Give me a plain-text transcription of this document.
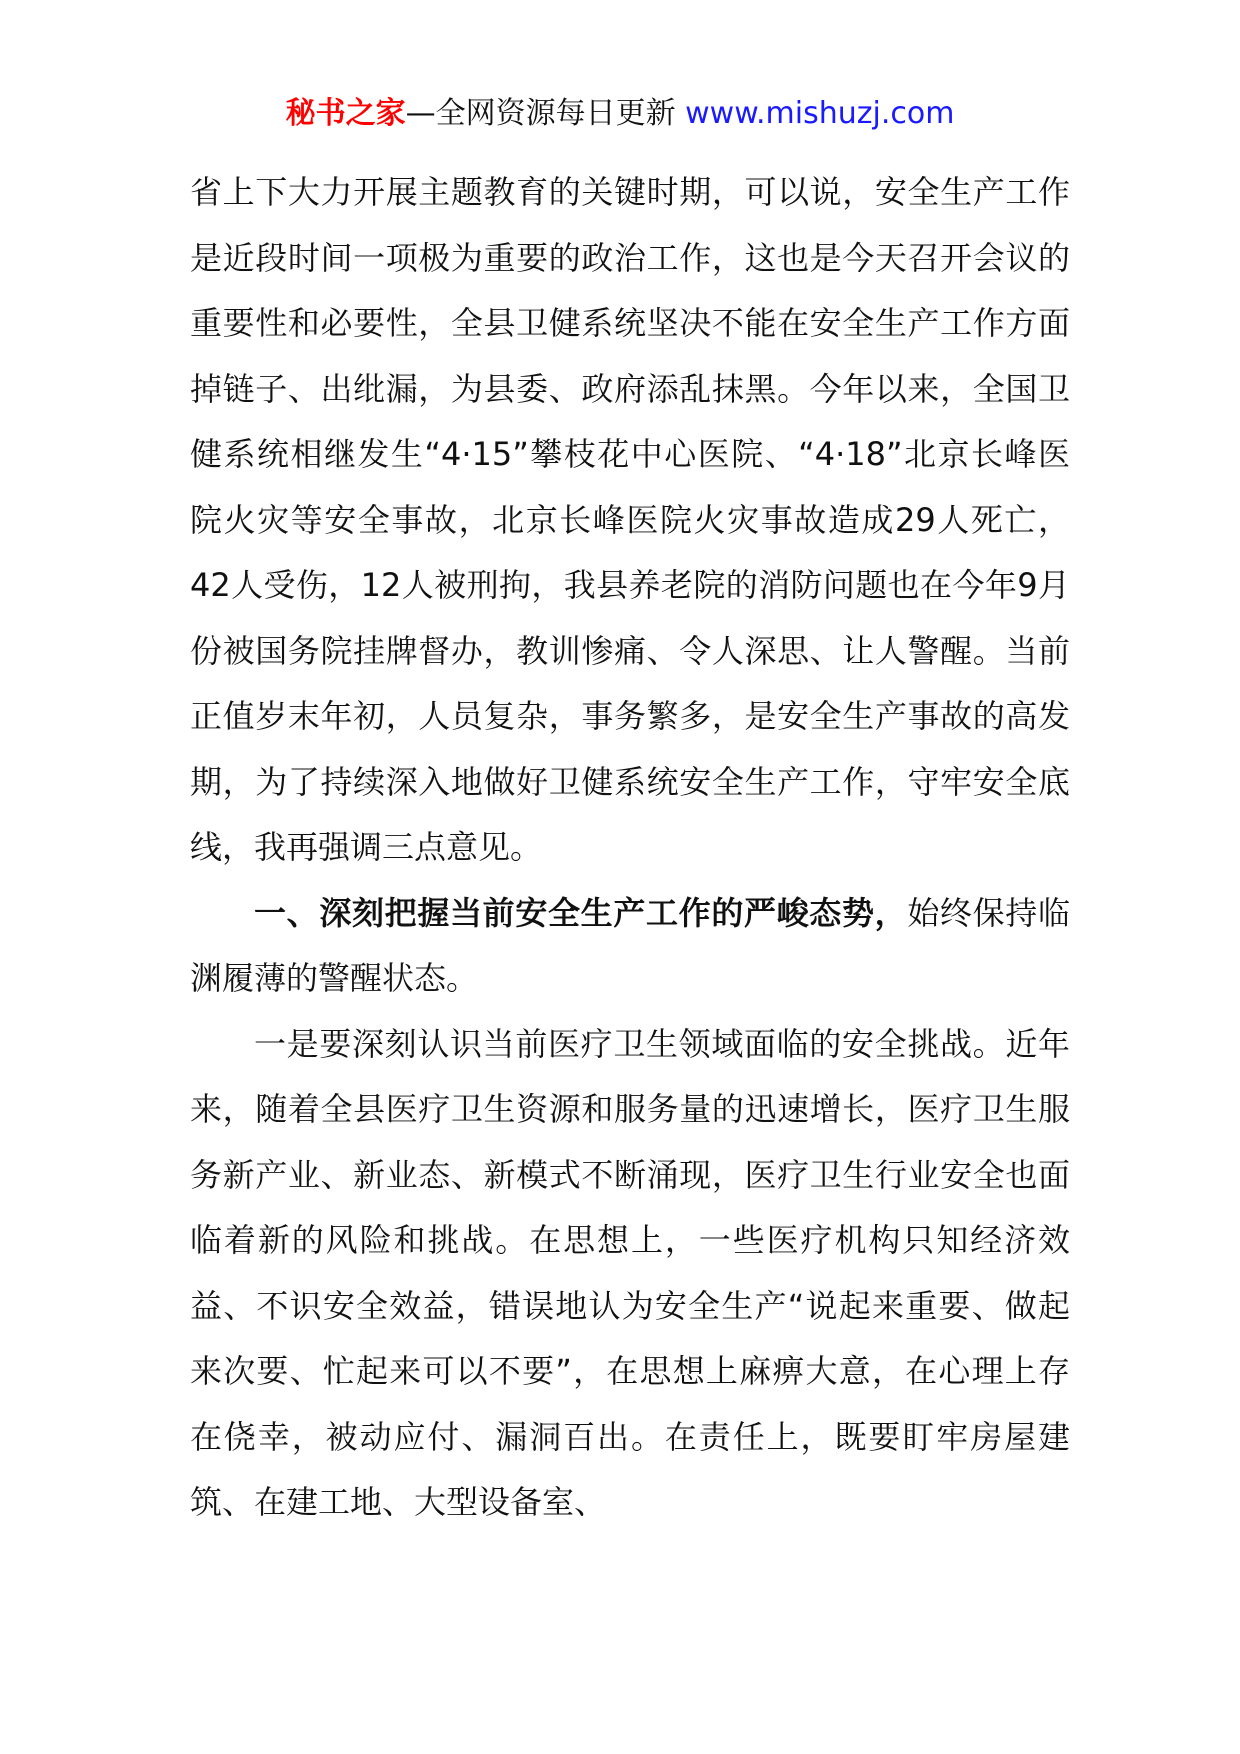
秘书之家—全网资源每日更新 www.mishuzj.com

省上下大力开展主题教育的关键时期，可以说，安全生产工作是近段时间一项极为重要的政治工作，这也是今天召开会议的重要性和必要性，全县卫健系统坚决不能在安全生产工作方面掉链子、出纰漏，为县委、政府添乱抹黑。今年以来，全国卫健系统相继发生“4·15”攀枝花中心医院、“4·18”北京长峰医院火灾等安全事故，北京长峰医院火灾事故造成29人死亡，42人受伤，12人被刑拘，我县养老院的消防问题也在今年9月份被国务院挂牌督办，教训惨痛、令人深思、让人警醒。当前正值岁末年初，人员复杂，事务繁多，是安全生产事故的高发期，为了持续深入地做好卫健系统安全生产工作，守牢安全底线，我再强调三点意见。

一、深刻把握当前安全生产工作的严峻态势，始终保持临渊履薄的警醒状态。

一是要深刻认识当前医疗卫生领域面临的安全挑战。近年来，随着全县医疗卫生资源和服务量的迅速增长，医疗卫生服务新产业、新业态、新模式不断涌现，医疗卫生行业安全也面临着新的风险和挑战。在思想上，一些医疗机构只知经济效益、不识安全效益，错误地认为安全生产“说起来重要、做起来次要、忙起来可以不要”，在思想上麻痹大意，在心理上存在侥幸，被动应付、漏洞百出。在责任上，既要盯牢房屋建筑、在建工地、大型设备室、
